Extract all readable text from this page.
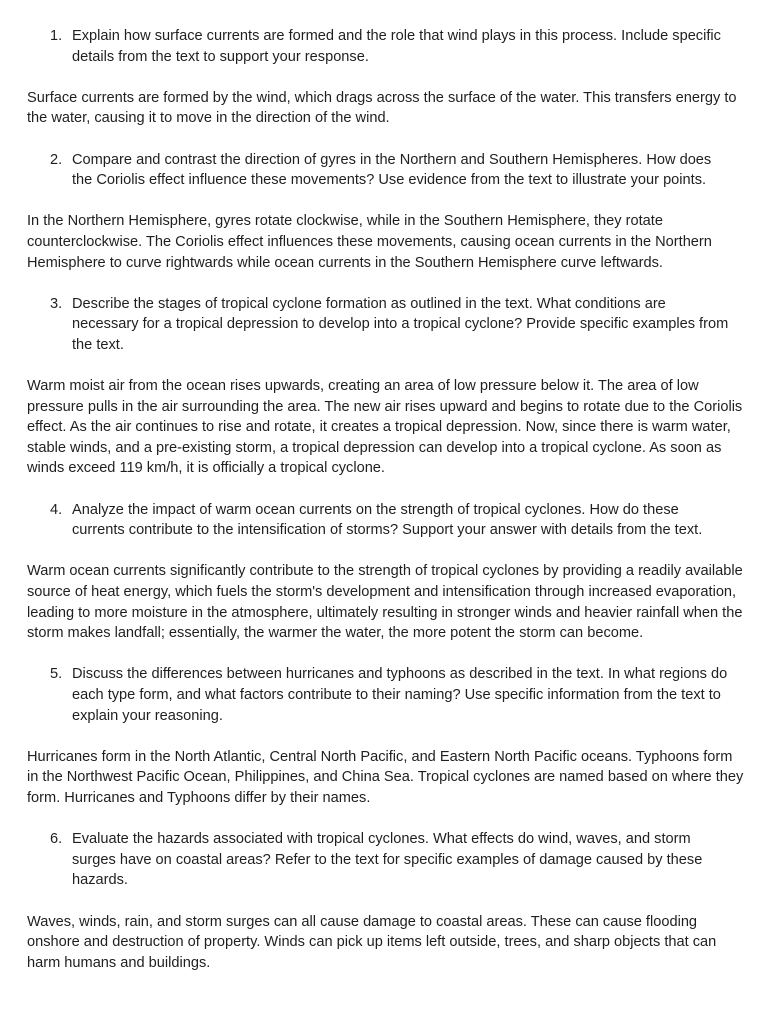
1. Explain how surface currents are formed and the role that wind plays in this process. Include specific details from the text to support your response.

Surface currents are formed by the wind, which drags across the surface of the water. This transfers energy to the water, causing it to move in the direction of the wind.

2. Compare and contrast the direction of gyres in the Northern and Southern Hemispheres. How does the Coriolis effect influence these movements? Use evidence from the text to illustrate your points.

In the Northern Hemisphere, gyres rotate clockwise, while in the Southern Hemisphere, they rotate counterclockwise. The Coriolis effect influences these movements, causing ocean currents in the Northern Hemisphere to curve rightwards while ocean currents in the Southern Hemisphere curve leftwards.

3. Describe the stages of tropical cyclone formation as outlined in the text. What conditions are necessary for a tropical depression to develop into a tropical cyclone? Provide specific examples from the text.

Warm moist air from the ocean rises upwards, creating an area of low pressure below it. The area of low pressure pulls in the air surrounding the area. The new air rises upward and begins to rotate due to the Coriolis effect. As the air continues to rise and rotate, it creates a tropical depression. Now, since there is warm water, stable winds, and a pre-existing storm, a tropical depression can develop into a tropical cyclone. As soon as winds exceed 119 km/h, it is officially a tropical cyclone.

4. Analyze the impact of warm ocean currents on the strength of tropical cyclones. How do these currents contribute to the intensification of storms? Support your answer with details from the text.

Warm ocean currents significantly contribute to the strength of tropical cyclones by providing a readily available source of heat energy, which fuels the storm's development and intensification through increased evaporation, leading to more moisture in the atmosphere, ultimately resulting in stronger winds and heavier rainfall when the storm makes landfall; essentially, the warmer the water, the more potent the storm can become.

5. Discuss the differences between hurricanes and typhoons as described in the text. In what regions do each type form, and what factors contribute to their naming? Use specific information from the text to explain your reasoning.

Hurricanes form in the North Atlantic, Central North Pacific, and Eastern North Pacific oceans. Typhoons form in the Northwest Pacific Ocean, Philippines, and China Sea. Tropical cyclones are named based on where they form. Hurricanes and Typhoons differ by their names.

6. Evaluate the hazards associated with tropical cyclones. What effects do wind, waves, and storm surges have on coastal areas? Refer to the text for specific examples of damage caused by these hazards.

Waves, winds, rain, and storm surges can all cause damage to coastal areas. These can cause flooding onshore and destruction of property. Winds can pick up items left outside, trees, and sharp objects that can harm humans and buildings.
